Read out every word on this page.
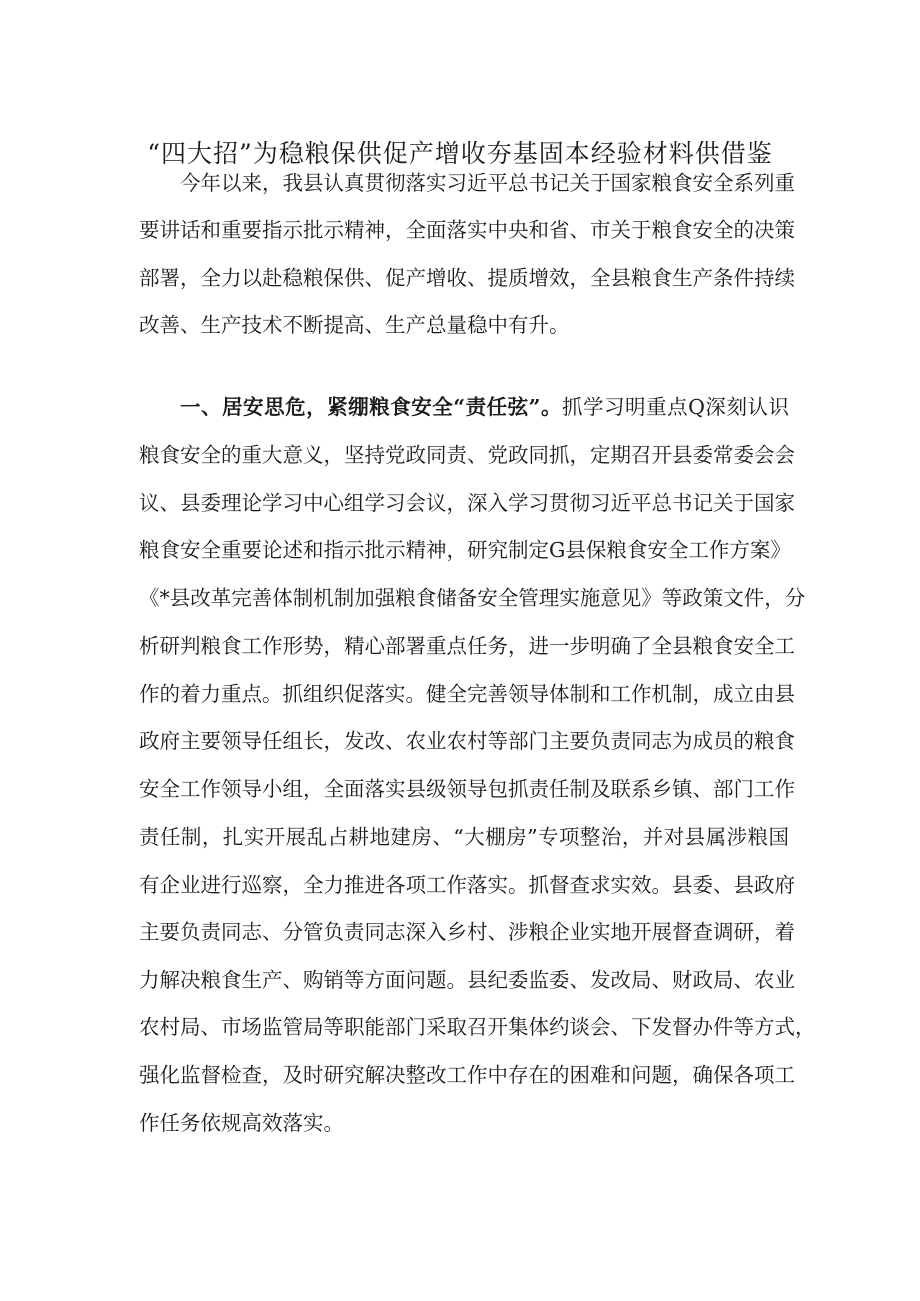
“四大招”为稳粮保供促产增收夯基固本经验材料供借鉴
今年以来，我县认真贯彻落实习近平总书记关于国家粮食安全系列重
要讲话和重要指示批示精神，全面落实中央和省、市关于粮食安全的决策
部署，全力以赴稳粮保供、促产增收、提质增效，全县粮食生产条件持续
改善、生产技术不断提高、生产总量稳中有升。
一、居安思危，紧绷粮食安全“责任弦”。抓学习明重点Q深刻认识
粮食安全的重大意义，坚持党政同责、党政同抓，定期召开县委常委会会
议、县委理论学习中心组学习会议，深入学习贯彻习近平总书记关于国家
粮食安全重要论述和指示批示精神，研究制定G县保粮食安全工作方案》
《*县改革完善体制机制加强粮食储备安全管理实施意见》等政策文件，分
析研判粮食工作形势，精心部署重点任务，进一步明确了全县粮食安全工
作的着力重点。抓组织促落实。健全完善领导体制和工作机制，成立由县
政府主要领导任组长，发改、农业农村等部门主要负责同志为成员的粮食
安全工作领导小组，全面落实县级领导包抓责任制及联系乡镇、部门工作
责任制，扎实开展乱占耕地建房、“大棚房”专项整治，并对县属涉粮国
有企业进行巡察，全力推进各项工作落实。抓督查求实效。县委、县政府
主要负责同志、分管负责同志深入乡村、涉粮企业实地开展督查调研，着
力解决粮食生产、购销等方面问题。县纪委监委、发改局、财政局、农业
农村局、市场监管局等职能部门采取召开集体约谈会、下发督办件等方式，
强化监督检查，及时研究解决整改工作中存在的困难和问题，确保各项工
作任务依规高效落实。
